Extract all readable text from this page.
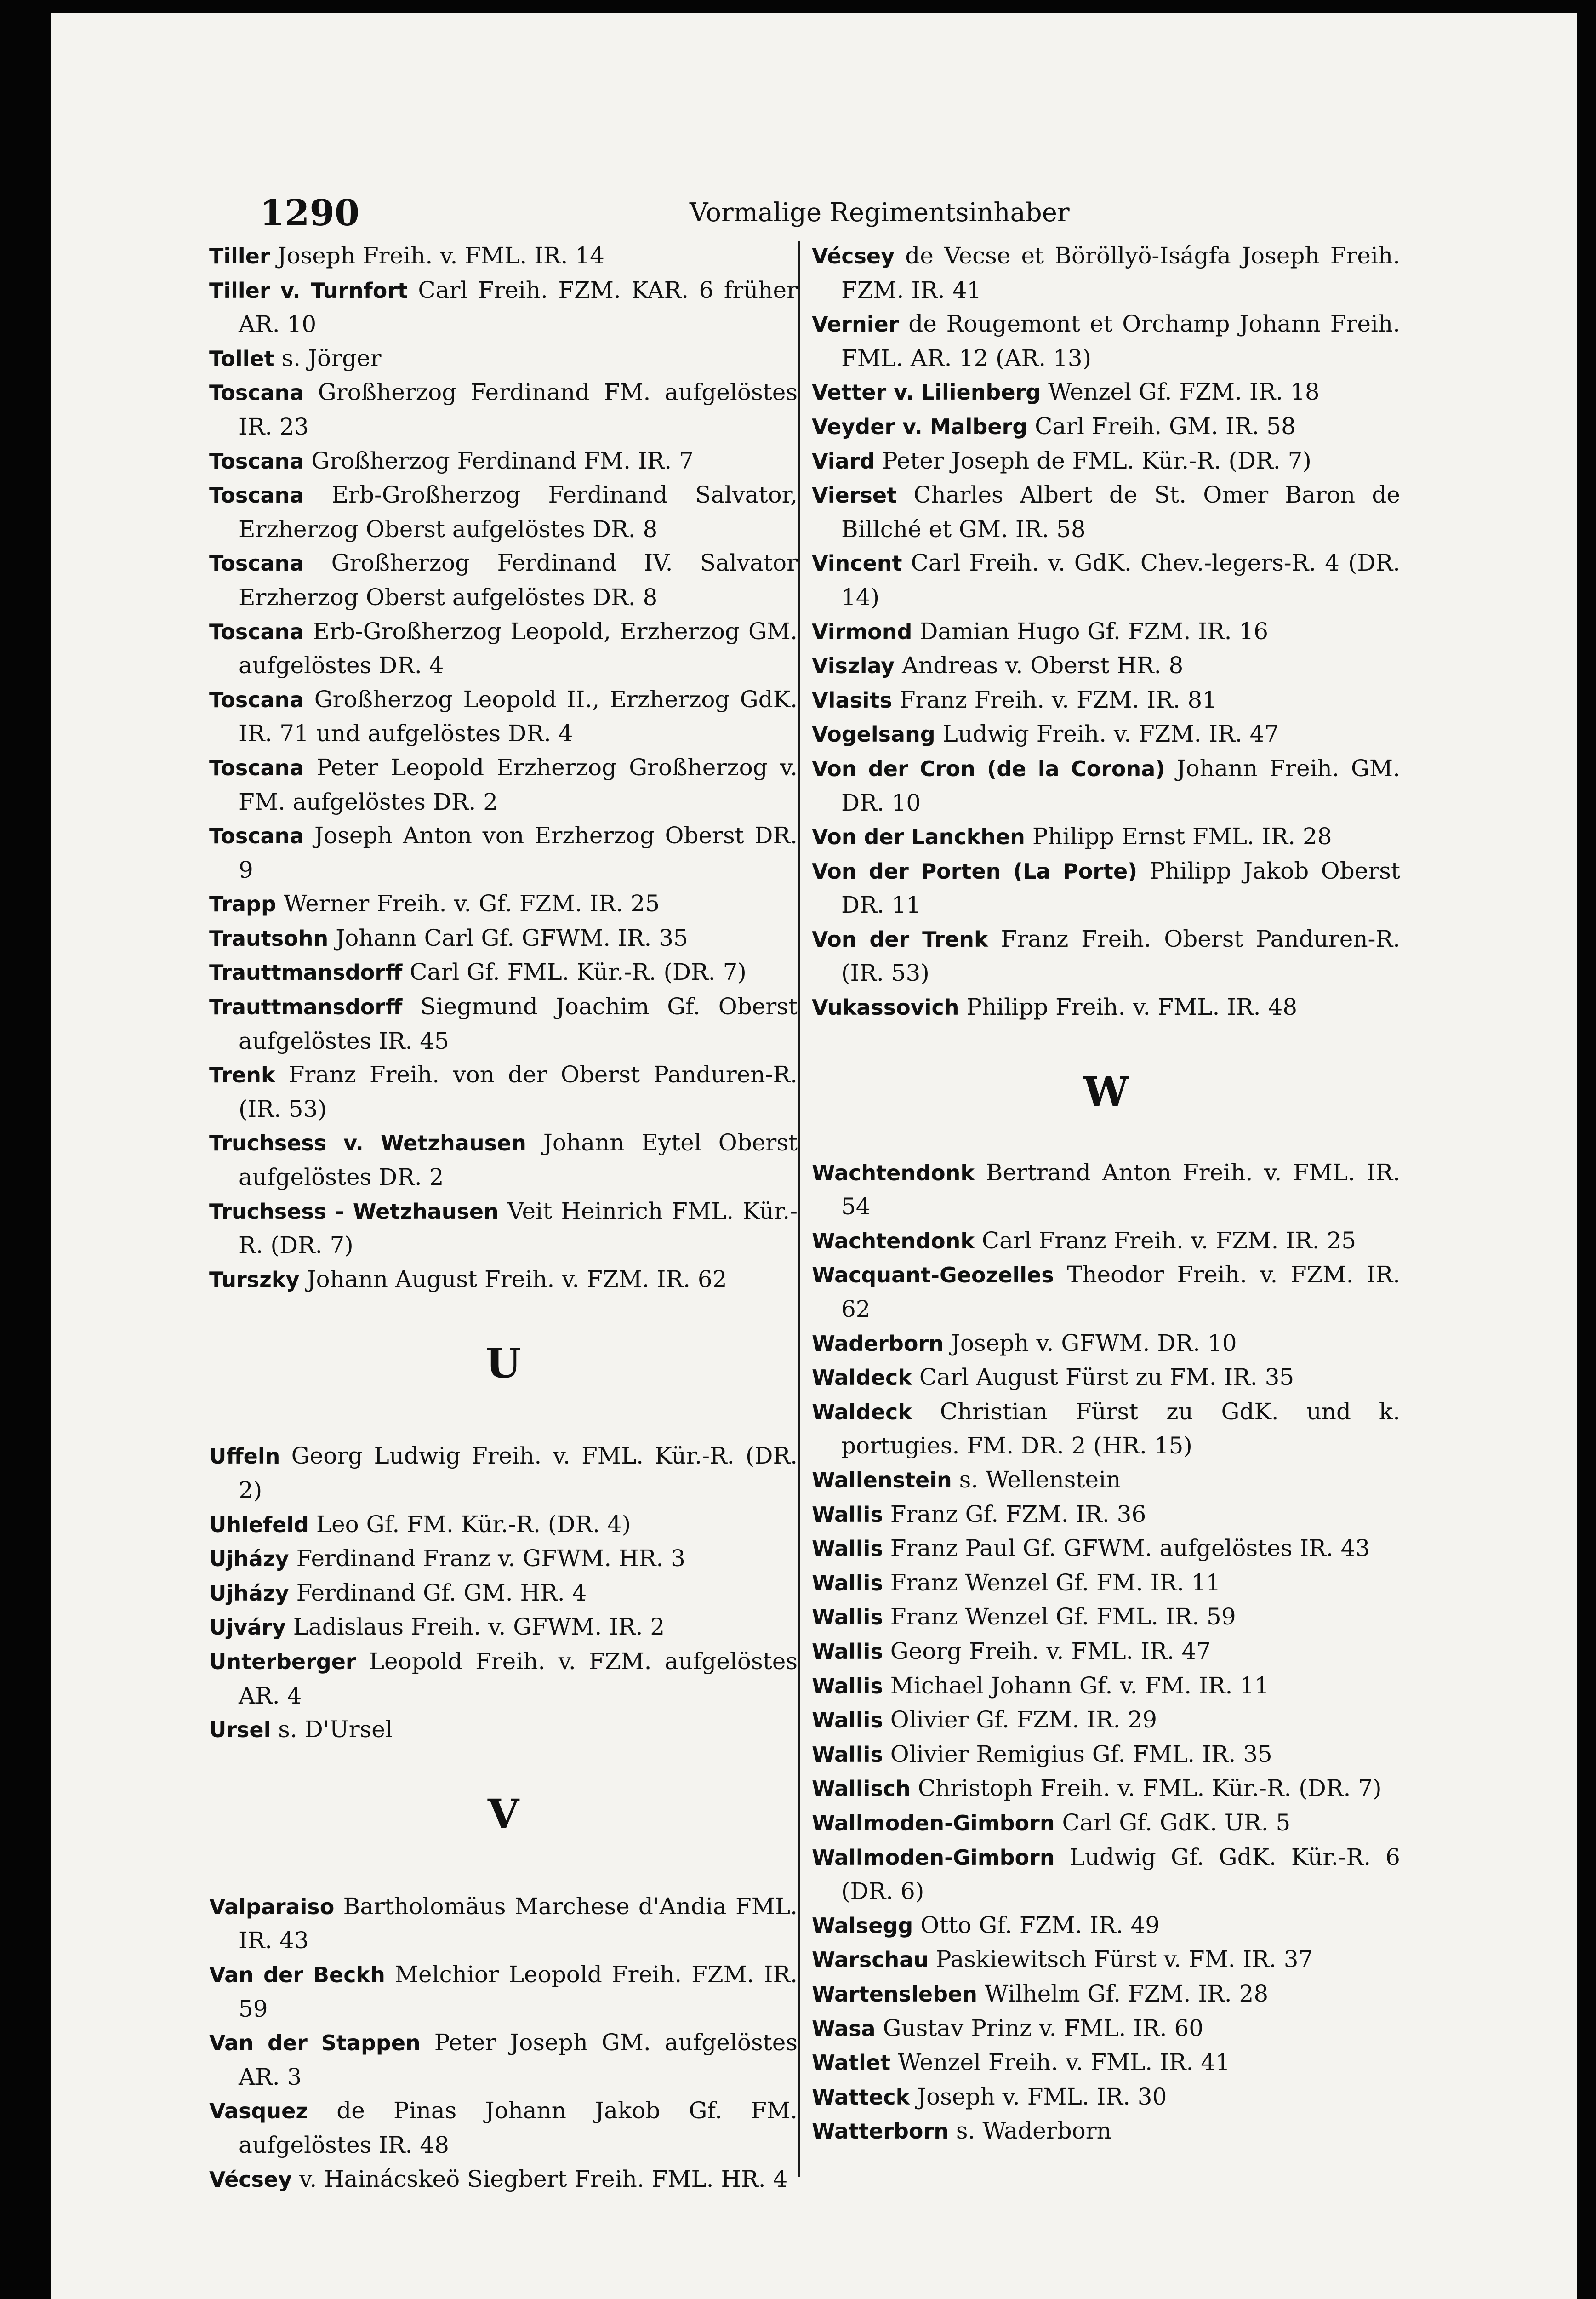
1290	Vormalige Regimentsinhaber

Tiller Joseph Freih. v. FML. IR. 14

Tiller v. Turnfort Carl Freih. FZM. KAR. 6 früher AR. 10

Tollet s. Jörger

Toscana Großherzog Ferdinand FM. aufgelöstes IR. 23

Toscana Großherzog Ferdinand FM. IR. 7

Toscana Erb-Großherzog Ferdinand Salvator, Erzherzog Oberst aufgelöstes DR. 8

Toscana Großherzog Ferdinand IV. Salvator Erzherzog Oberst aufgelöstes DR. 8

Toscana Erb-Großherzog Leopold, Erzherzog GM. aufgelöstes DR. 4

Toscana Großherzog Leopold II., Erzherzog GdK. IR. 71 und aufgelöstes DR. 4

Toscana Peter Leopold Erzherzog Großherzog v. FM. aufgelöstes DR. 2

Toscana Joseph Anton von Erzherzog Oberst DR. 9

Trapp Werner Freih. v. Gf. FZM. IR. 25

Trautsohn Johann Carl Gf. GFWM. IR. 35

Trauttmansdorff Carl Gf. FML. Kür.-R. (DR. 7)

Trauttmansdorff Siegmund Joachim Gf. Oberst aufgelöstes IR. 45

Trenk Franz Freih. von der Oberst Panduren-R. (IR. 53)

Truchsess v. Wetzhausen Johann Eytel Oberst aufgelöstes DR. 2

Truchsess - Wetzhausen Veit Heinrich FML. Kür.-R. (DR. 7)

Turszky Johann August Freih. v. FZM. IR. 62

U

Uffeln Georg Ludwig Freih. v. FML. Kür.-R. (DR. 2)

Uhlefeld Leo Gf. FM. Kür.-R. (DR. 4)

Ujházy Ferdinand Franz v. GFWM. HR. 3

Ujházy Ferdinand Gf. GM. HR. 4

Ujváry Ladislaus Freih. v. GFWM. IR. 2

Unterberger Leopold Freih. v. FZM. aufgelöstes AR. 4

Ursel s. D'Ursel

V

Valparaiso Bartholomäus Marchese d'Andia FML. IR. 43

Van der Beckh Melchior Leopold Freih. FZM. IR. 59

Van der Stappen Peter Joseph GM. aufgelöstes AR. 3

Vasquez de Pinas Johann Jakob Gf. FM. aufgelöstes IR. 48

Vécsey v. Hainácskeö Siegbert Freih. FML. HR. 4

Vécsey de Vecse et Böröllyö-Iságfa Joseph Freih. FZM. IR. 41

Vernier de Rougemont et Orchamp Johann Freih. FML. AR. 12 (AR. 13)

Vetter v. Lilienberg Wenzel Gf. FZM. IR. 18

Veyder v. Malberg Carl Freih. GM. IR. 58

Viard Peter Joseph de FML. Kür.-R. (DR. 7)

Vierset Charles Albert de St. Omer Baron de Billché et GM. IR. 58

Vincent Carl Freih. v. GdK. Chev.-legers-R. 4 (DR. 14)

Virmond Damian Hugo Gf. FZM. IR. 16

Viszlay Andreas v. Oberst HR. 8

Vlasits Franz Freih. v. FZM. IR. 81

Vogelsang Ludwig Freih. v. FZM. IR. 47

Von der Cron (de la Corona) Johann Freih. GM. DR. 10

Von der Lanckhen Philipp Ernst FML. IR. 28

Von der Porten (La Porte) Philipp Jakob Oberst DR. 11

Von der Trenk Franz Freih. Oberst Panduren-R. (IR. 53)

Vukassovich Philipp Freih. v. FML. IR. 48

W

Wachtendonk Bertrand Anton Freih. v. FML. IR. 54

Wachtendonk Carl Franz Freih. v. FZM. IR. 25

Wacquant-Geozelles Theodor Freih. v. FZM. IR. 62

Waderborn Joseph v. GFWM. DR. 10

Waldeck Carl August Fürst zu FM. IR. 35

Waldeck Christian Fürst zu GdK. und k. portugies. FM. DR. 2 (HR. 15)

Wallenstein s. Wellenstein

Wallis Franz Gf. FZM. IR. 36

Wallis Franz Paul Gf. GFWM. aufgelöstes IR. 43

Wallis Franz Wenzel Gf. FM. IR. 11

Wallis Franz Wenzel Gf. FML. IR. 59

Wallis Georg Freih. v. FML. IR. 47

Wallis Michael Johann Gf. v. FM. IR. 11

Wallis Olivier Gf. FZM. IR. 29

Wallis Olivier Remigius Gf. FML. IR. 35

Wallisch Christoph Freih. v. FML. Kür.-R. (DR. 7)

Wallmoden-Gimborn Carl Gf. GdK. UR. 5

Wallmoden-Gimborn Ludwig Gf. GdK. Kür.-R. 6 (DR. 6)

Walsegg Otto Gf. FZM. IR. 49

Warschau Paskiewitsch Fürst v. FM. IR. 37

Wartensleben Wilhelm Gf. FZM. IR. 28

Wasa Gustav Prinz v. FML. IR. 60

Watlet Wenzel Freih. v. FML. IR. 41

Watteck Joseph v. FML. IR. 30

Watterborn s. Waderborn
